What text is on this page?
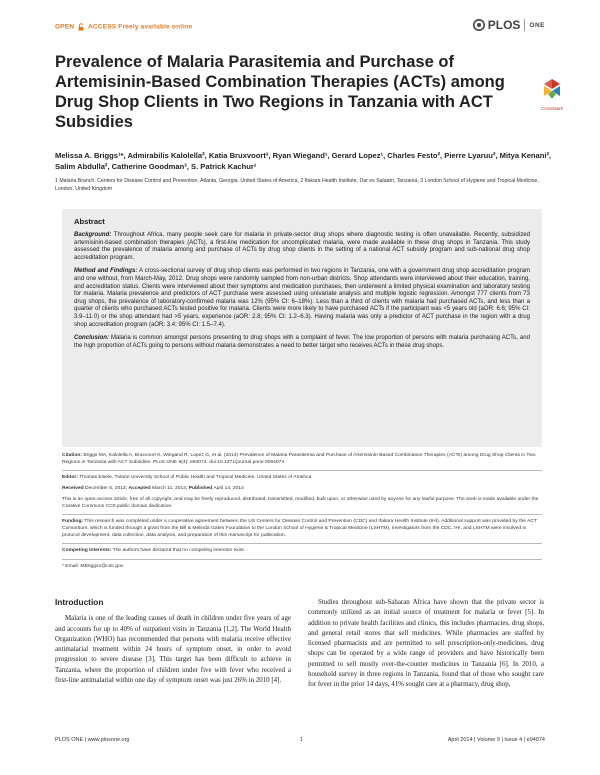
OPEN ACCESS Freely available online	PLOS ONE
Prevalence of Malaria Parasitemia and Purchase of Artemisinin-Based Combination Therapies (ACTs) among Drug Shop Clients in Two Regions in Tanzania with ACT Subsidies
CrossMark

Melissa A. Briggs¹*, Admirabilis Kalolella², Katia Bruxvoort³, Ryan Wiegand¹, Gerard Lopez¹, Charles Festo², Pierre Lyaruu², Mitya Kenani², Salim Abdulla², Catherine Goodman³, S. Patrick Kachur¹

1 Malaria Branch, Centers for Disease Control and Prevention, Atlanta, Georgia, United States of America, 2 Ifakara Health Institute, Dar es Salaam, Tanzania, 3 London School of Hygiene and Tropical Medicine, London, United Kingdom

Abstract

Background: Throughout Africa, many people seek care for malaria in private-sector drug shops where diagnostic testing is often unavailable. Recently, subsidized artemisinin-based combination therapies (ACTs), a first-line medication for uncomplicated malaria, were made available in these drug shops in Tanzania. This study assessed the prevalence of malaria among and purchase of ACTs by drug shop clients in the setting of a national ACT subsidy program and sub-national drug shop accreditation program.

Method and Findings: A cross-sectional survey of drug shop clients was performed in two regions in Tanzania, one with a government drug shop accreditation program and one without, from March-May, 2012. Drug shops were randomly sampled from non-urban districts. Shop attendants were interviewed about their education, training, and accreditation status. Clients were interviewed about their symptoms and medication purchases, then underwent a limited physical examination and laboratory testing for malaria. Malaria prevalence and predictors of ACT purchase were assessed using univariate analysis and multiple logistic regression. Amongst 777 clients from 73 drug shops, the prevalence of laboratory-confirmed malaria was 12% (95% CI: 6–18%). Less than a third of clients with malaria had purchased ACTs, and less than a quarter of clients who purchased ACTs tested positive for malaria. Clients were more likely to have purchased ACTs if the participant was <5 years old (aOR: 6.6; 95% CI: 3.9–11.0) or the shop attendant had >5 years, experience (aOR: 2.8; 95% CI: 1.2–6.3). Having malaria was only a predictor of ACT purchase in the region with a drug shop accreditation program (aOR: 3.4; 95% CI: 1.5–7.4).

Conclusion: Malaria is common amongst persons presenting to drug shops with a complaint of fever. The low proportion of persons with malaria purchasing ACTs, and the high proportion of ACTs going to persons without malaria demonstrates a need to better target who receives ACTs in these drug shops.

Citation: Briggs MA, Kalolella A, Bruxvoort K, Wiegand R, Lopez G, et al. (2014) Prevalence of Malaria Parasitemia and Purchase of Artemisinin-Based Combination Therapies (ACTs) among Drug Shop Clients in Two Regions in Tanzania with ACT Subsidies. PLoS ONE 9(4): e94074. doi:10.1371/journal.pone.0094074

Editor: Thomas Eisele, Tulane University School of Public Health and Tropical Medicine, United States of America

Received December 6, 2013; Accepted March 11, 2014; Published April 14, 2014

This is an open-access article, free of all copyright, and may be freely reproduced, distributed, transmitted, modified, built upon, or otherwise used by anyone for any lawful purpose. The work is made available under the Creative Commons CC0 public domain dedication.

Funding: This research was completed under a cooperative agreement between the US Centers for Disease Control and Prevention (CDC) and Ifakara Health Institute (IHI). Additional support was provided by the ACT Consortium, which is funded through a grant from the Bill & Melinda Gates Foundation to the London School of Hygiene & Tropical Medicine (LSHTM). Investigators from the CDC, IHI, and LSHTM were involved in protocol development, data collection, data analysis, and preparation of this manuscript for publication.

Competing Interests: The authors have declared that no competing interests exist.

* Email: MBriggs1@cdc.gov

Introduction

Malaria is one of the leading causes of death in children under five years of age and accounts for up to 40% of outpatient visits in Tanzania [1,2]. The World Health Organization (WHO) has recommended that persons with malaria receive effective antimalarial treatment within 24 hours of symptom onset, in order to avoid progression to severe disease [3]. This target has been difficult to achieve in Tanzania, where the proportion of children under five with fever who received a first-line antimalarial within one day of symptom onset was just 26% in 2010 [4].

Studies throughout sub-Saharan Africa have shown that the private sector is commonly utilized as an initial source of treatment for malaria or fever [5]. In addition to private health facilities and clinics, this includes pharmacies, drug shops, and general retail stores that sell medicines. While pharmacies are staffed by licensed pharmacists and are permitted to sell prescription-only-medicines, drug shops can be operated by a wide range of providers and have historically been permitted to sell mostly over-the-counter medicines in Tanzania [6]. In 2010, a household survey in three regions in Tanzania, found that of those who sought care for fever in the prior 14 days, 41% sought care at a pharmacy, drug shop,

PLOS ONE | www.plosone.org	1	April 2014 | Volume 9 | Issue 4 | e94074
